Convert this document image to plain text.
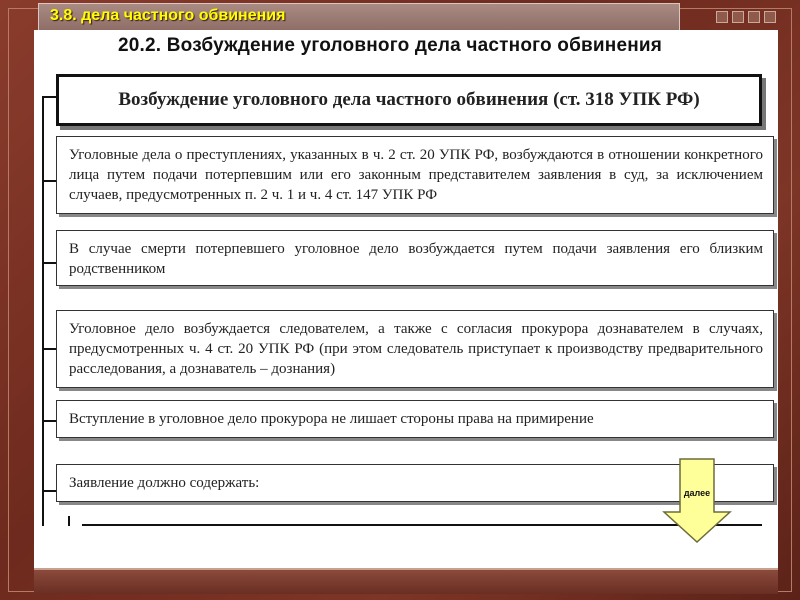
3.8. дела частного обвинения
20.2. Возбуждение уголовного дела частного обвинения
Возбуждение уголовного дела частного обвинения (ст. 318 УПК РФ)
Уголовные дела о преступлениях, указанных в ч. 2 ст. 20 УПК РФ, возбуждаются в отношении конкретного лица путем подачи потерпевшим или его законным представителем заявления в суд, за исключением случаев, предусмотренных п. 2 ч. 1 и ч. 4 ст. 147 УПК РФ
В случае смерти потерпевшего уголовное дело возбуждается путем подачи заявления его близким родственником
Уголовное дело возбуждается следователем, а также с согласия прокурора дознавателем в случаях, предусмотренных ч. 4 ст. 20 УПК РФ (при этом следователь приступает к производству предварительного расследования, а дознаватель – дознания)
Вступление в уголовное дело прокурора не лишает стороны права на примирение
Заявление должно содержать:
далее
